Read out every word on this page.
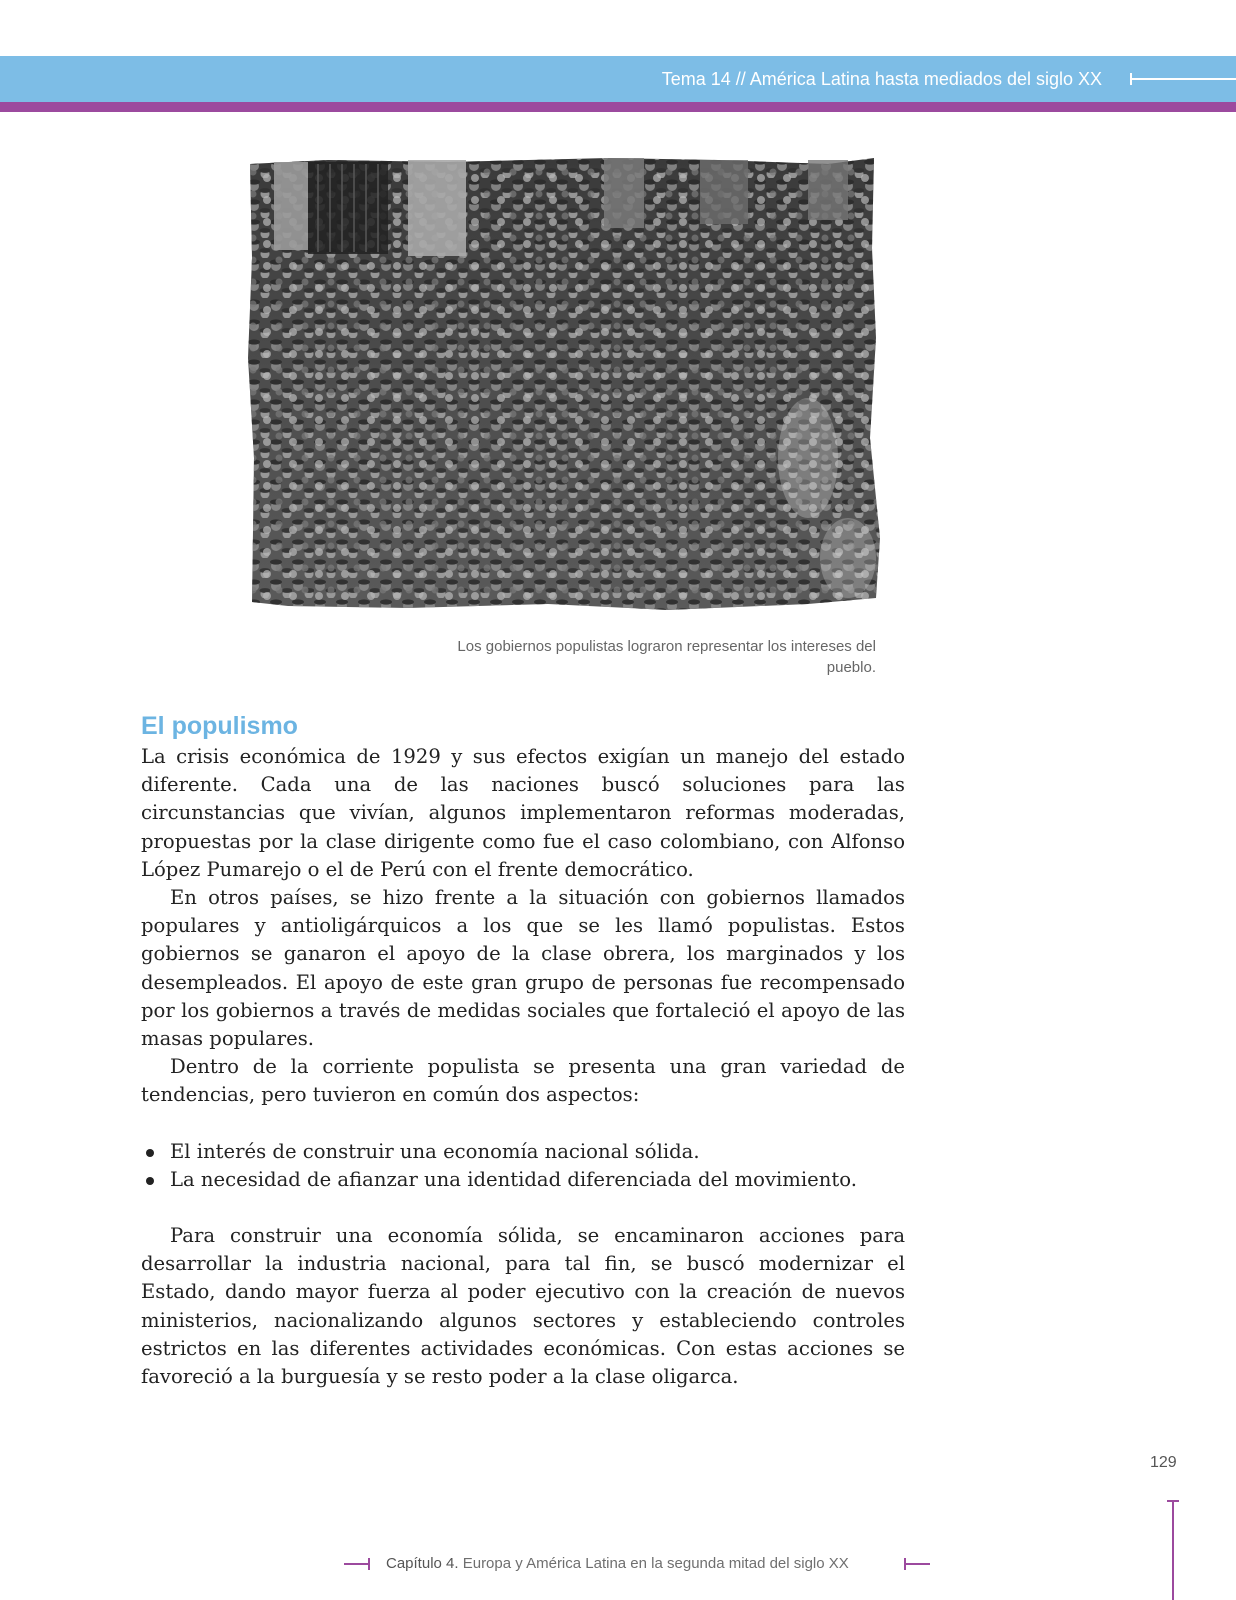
Tema 14 // América Latina hasta mediados del siglo XX
Los gobiernos populistas lograron representar los intereses del pueblo.
El populismo

La crisis económica de 1929 y sus efectos exigían un manejo del estado diferente. Cada una de las naciones buscó soluciones para las circunstancias que vivían, algunos implementaron reformas moderadas, propuestas por la clase dirigente como fue el caso colombiano, con Alfonso López Pumarejo o el de Perú con el frente democrático.

En otros países, se hizo frente a la situación con gobiernos llamados populares y antioligárquicos a los que se les llamó populistas. Estos gobiernos se ganaron el apoyo de la clase obrera, los marginados y los desempleados. El apoyo de este gran grupo de personas fue recompensado por los gobiernos a través de medidas sociales que fortaleció el apoyo de las masas populares.

Dentro de la corriente populista se presenta una gran variedad de tendencias, pero tuvieron en común dos aspectos:

El interés de construir una economía nacional sólida.
La necesidad de afianzar una identidad diferenciada del movimiento.

Para construir una economía sólida, se encaminaron acciones para desarrollar la industria nacional, para tal fin, se buscó modernizar el Estado, dando mayor fuerza al poder ejecutivo con la creación de nuevos ministerios, nacionalizando algunos sectores y estableciendo controles estrictos en las diferentes actividades económicas. Con estas acciones se favoreció a la burguesía y se resto poder a la clase oligarca.

129
Capítulo 4. Europa y América Latina en la segunda mitad del siglo XX
